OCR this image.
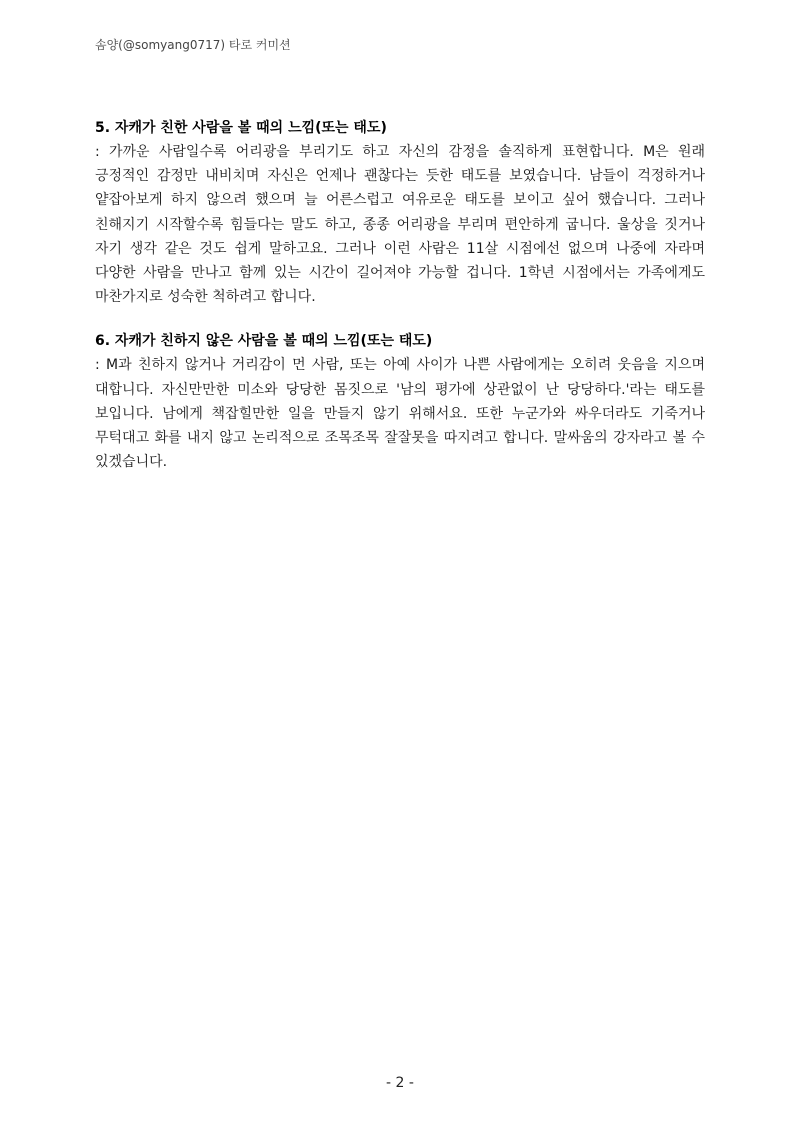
솜양(@somyang0717) 타로 커미션

5. 자캐가 친한 사람을 볼 때의 느낌(또는 태도)

: 가까운 사람일수록 어리광을 부리기도 하고 자신의 감정을 솔직하게 표현합니다. M은 원래 긍정적인 감정만 내비치며 자신은 언제나 괜찮다는 듯한 태도를 보였습니다. 남들이 걱정하거나 얕잡아보게 하지 않으려 했으며 늘 어른스럽고 여유로운 태도를 보이고 싶어 했습니다. 그러나 친해지기 시작할수록 힘들다는 말도 하고, 종종 어리광을 부리며 편안하게 굽니다. 울상을 짓거나 자기 생각 같은 것도 쉽게 말하고요. 그러나 이런 사람은 11살 시점에선 없으며 나중에 자라며 다양한 사람을 만나고 함께 있는 시간이 길어져야 가능할 겁니다. 1학년 시점에서는 가족에게도 마찬가지로 성숙한 척하려고 합니다.

6. 자캐가 친하지 않은 사람을 볼 때의 느낌(또는 태도)

: M과 친하지 않거나 거리감이 먼 사람, 또는 아예 사이가 나쁜 사람에게는 오히려 웃음을 지으며 대합니다. 자신만만한 미소와 당당한 몸짓으로 '남의 평가에 상관없이 난 당당하다.'라는 태도를 보입니다. 남에게 책잡힐만한 일을 만들지 않기 위해서요. 또한 누군가와 싸우더라도 기죽거나 무턱대고 화를 내지 않고 논리적으로 조목조목 잘잘못을 따지려고 합니다. 말싸움의 강자라고 볼 수 있겠습니다.

- 2 -
